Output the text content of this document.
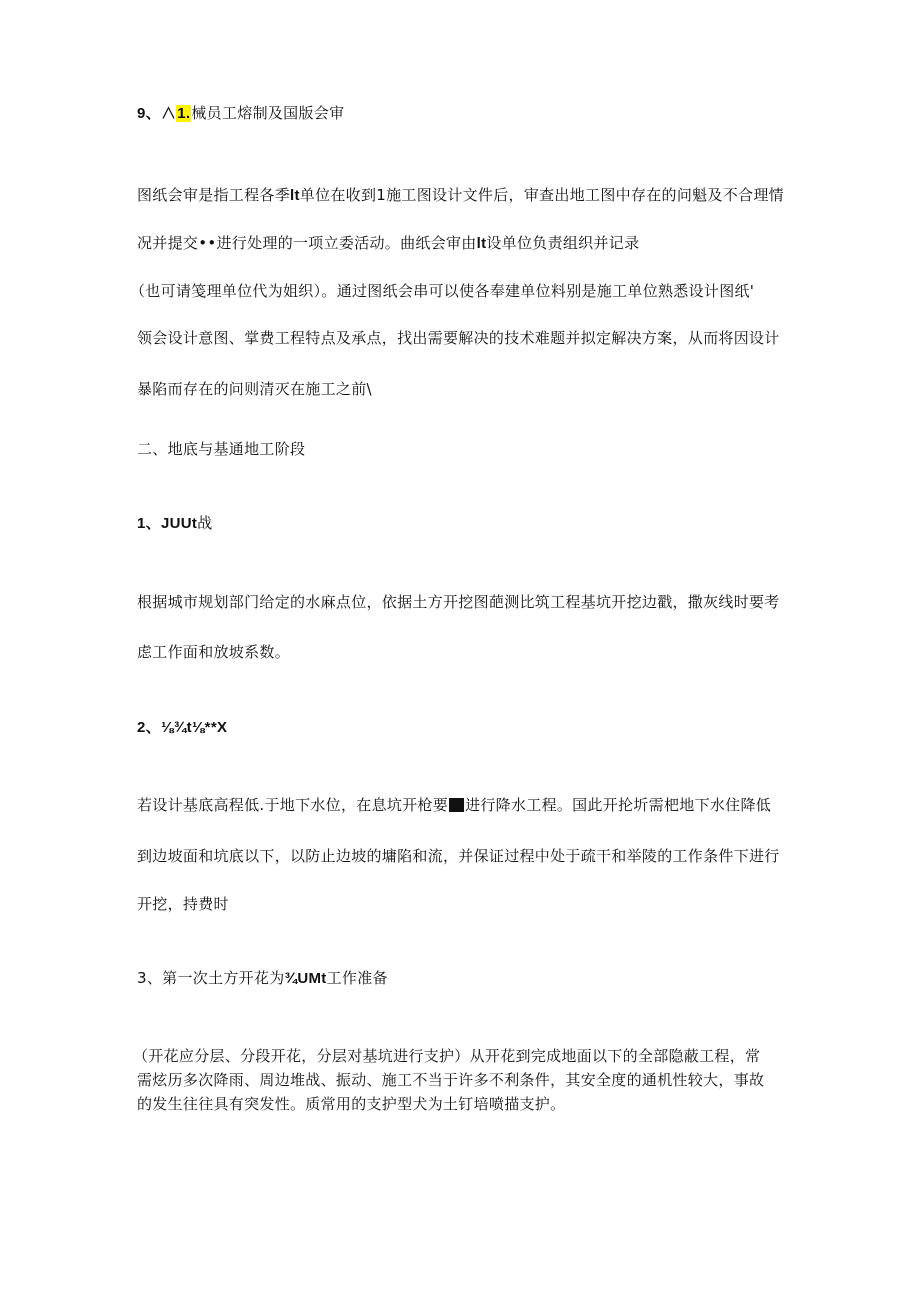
9、∧1.械员工熔制及国版会审
图纸会审是指工程各季lt单位在收到1施工图设计文件后，审查出地工图中存在的问魁及不合理情
况并提交••进行处理的一项立委活动。曲纸会审由lt设单位负责组织并记录
（也可请笺理单位代为姐织）。通过图纸会串可以使各奉建单位料别是施工单位熟悉设计图纸'
领会设计意图、掌费工程特点及承点，找出需要解决的技术难题并拟定解决方案，从而将因设计
暴陷而存在的问则清灭在施工之前\
二、地底与基通地工阶段
1、JUUt战
根据城市规划部门给定的水麻点位，依据土方开挖图葩测比筑工程基坑开挖边戳，撒灰线时要考
虑工作面和放坡系数。
2、⅛¾t⅛**X
若设计基底高程低.于地下水位，在息坑开枪要 进行降水工程。国此开抡圻需杷地下水住降低
到边坡面和坑底以下，以防止边坡的墉陷和流，并保证过程中处于疏干和举陵的工作条件下进行
开挖，持费时
3、第一次土方开花为¾UMt工作准备
（开花应分层、分段开花，分层对基坑进行支护）从开花到完成地面以下的全部隐蔽工程，常
需炫历多次降雨、周边堆战、振动、施工不当于许多不利条件，其安全度的通机性较大，事故
的发生往往具有突发性。质常用的支护型犬为土钉培喷描支护。
